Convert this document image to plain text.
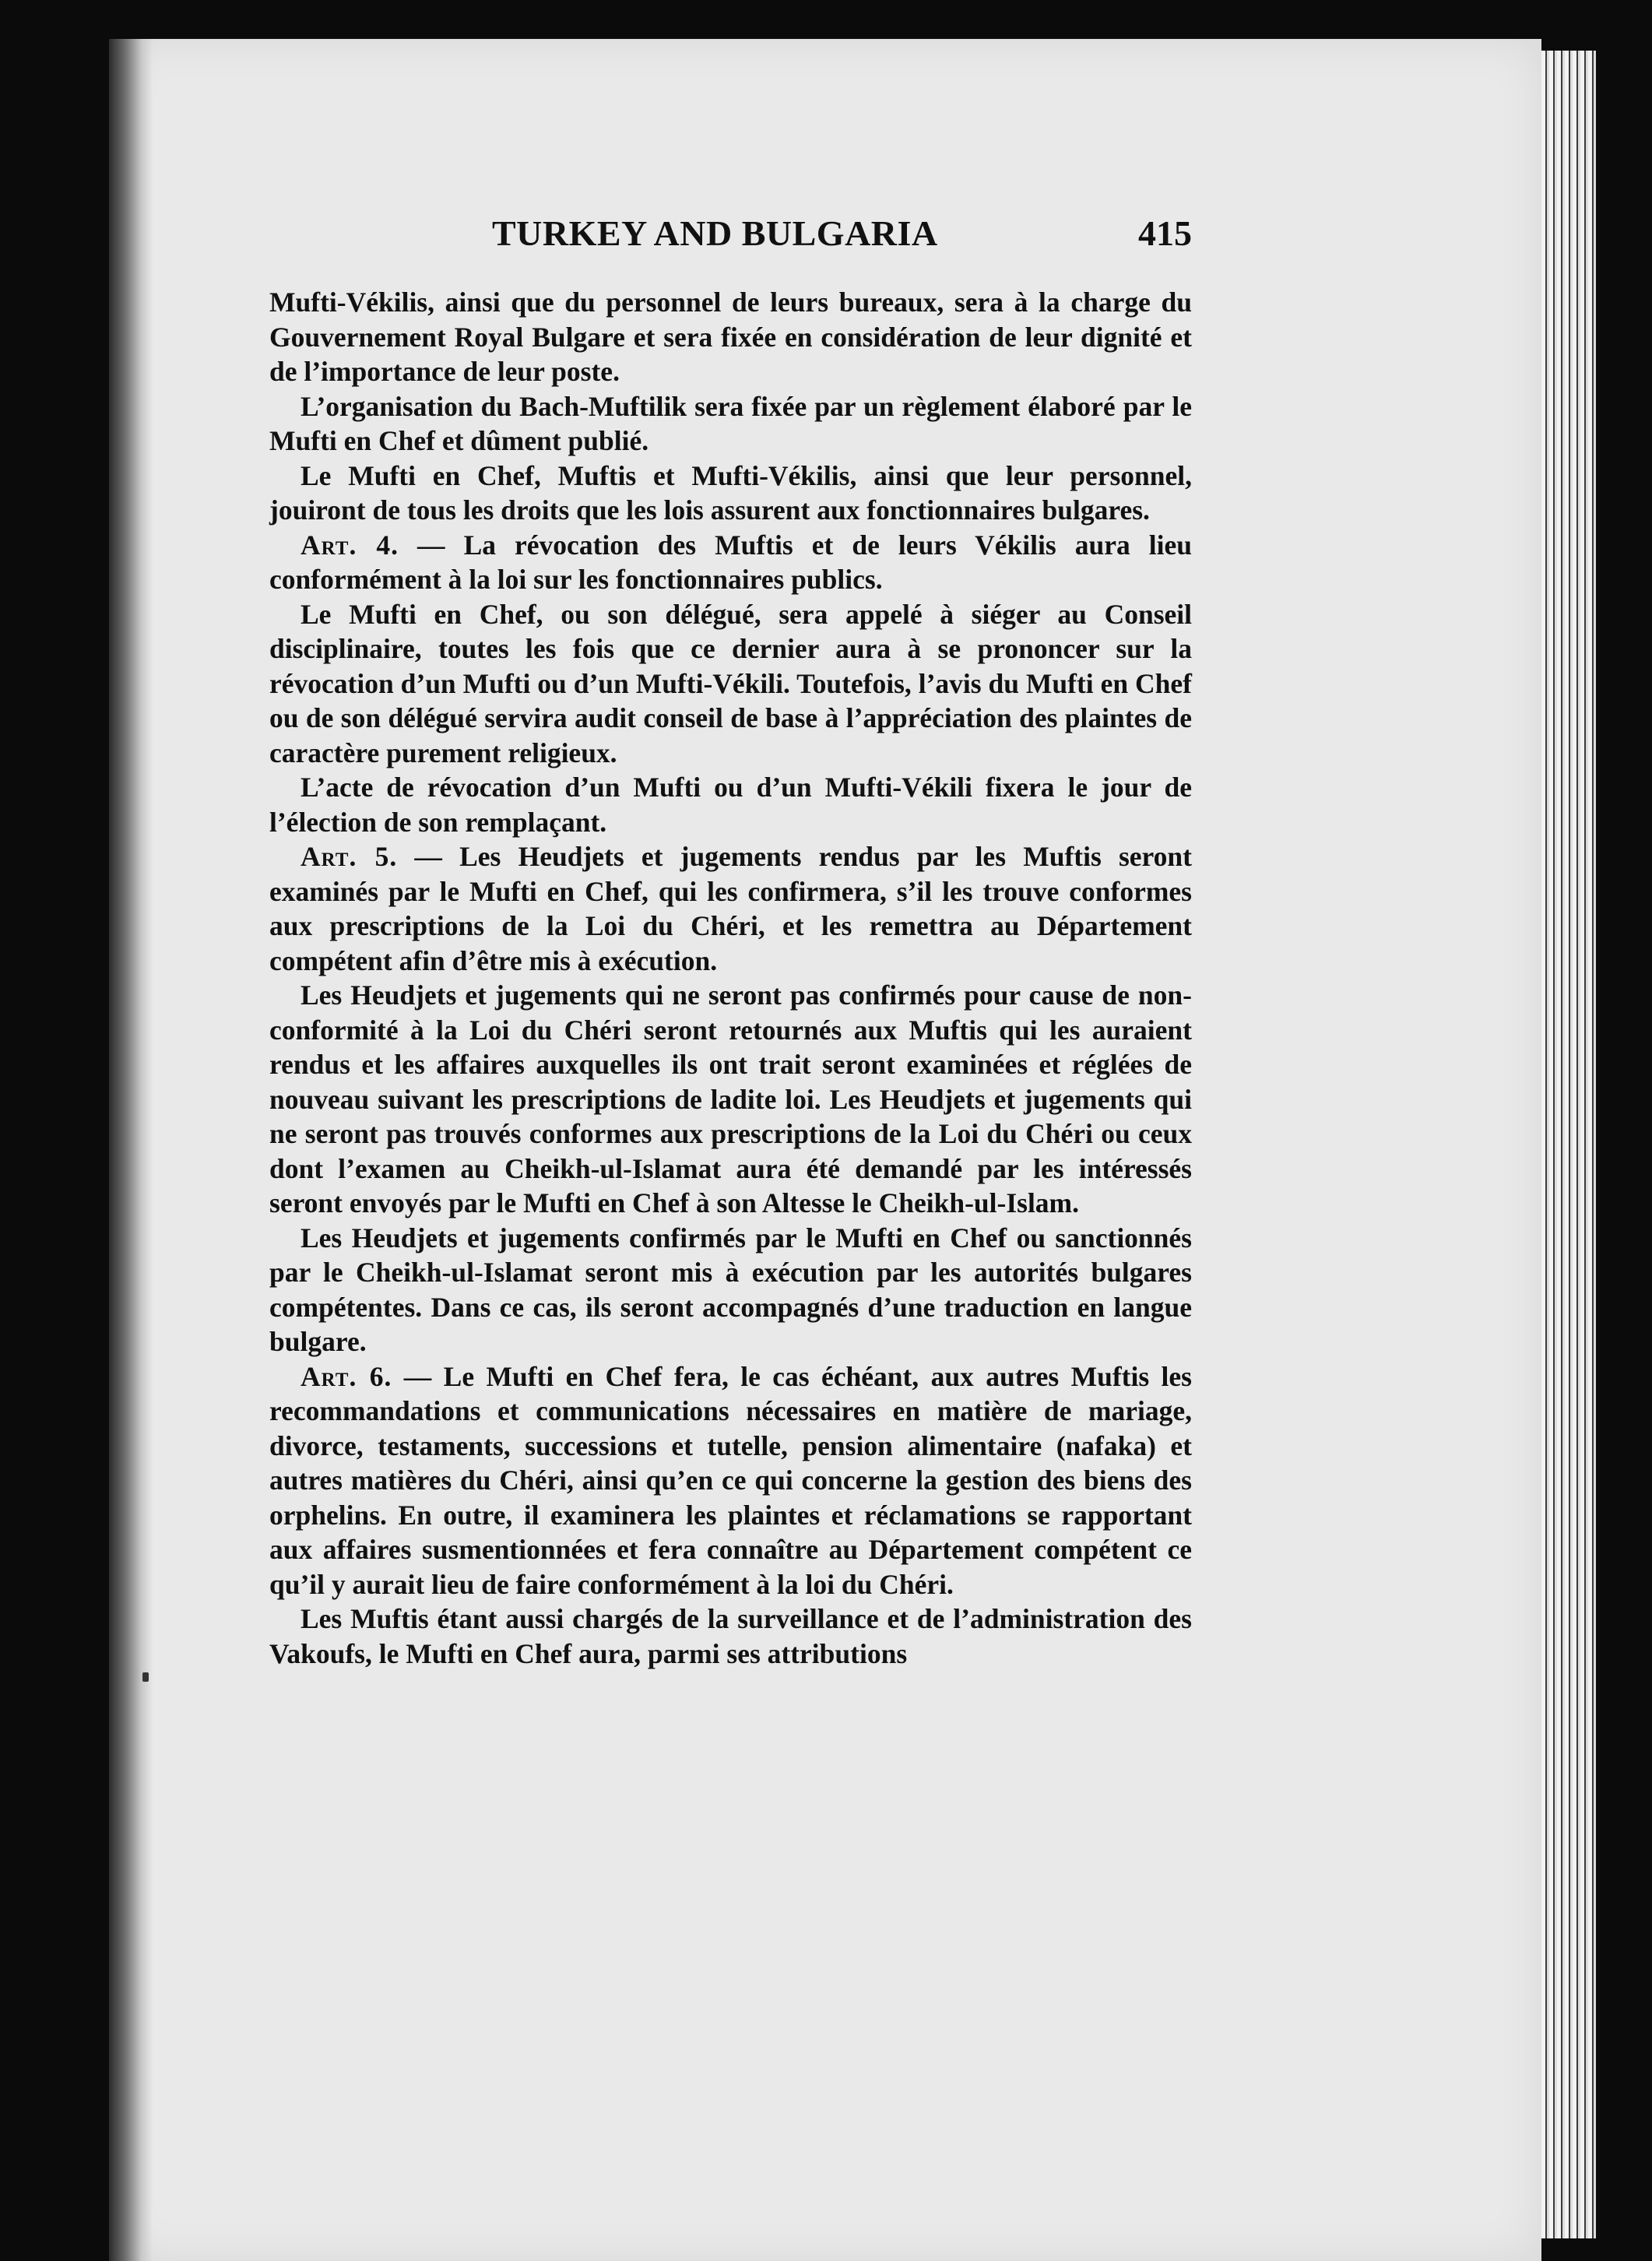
TURKEY AND BULGARIA	415

Mufti-Vékilis, ainsi que du personnel de leurs bureaux, sera à la charge du Gouvernement Royal Bulgare et sera fixée en considération de leur dignité et de l’importance de leur poste.

L’organisation du Bach-Muftilik sera fixée par un règlement élaboré par le Mufti en Chef et dûment publié.

Le Mufti en Chef, Muftis et Mufti-Vékilis, ainsi que leur personnel, jouiront de tous les droits que les lois assurent aux fonctionnaires bulgares.

Art. 4. — La révocation des Muftis et de leurs Vékilis aura lieu conformément à la loi sur les fonctionnaires publics.

Le Mufti en Chef, ou son délégué, sera appelé à siéger au Conseil disciplinaire, toutes les fois que ce dernier aura à se prononcer sur la révocation d’un Mufti ou d’un Mufti-Vékili. Toutefois, l’avis du Mufti en Chef ou de son délégué servira audit conseil de base à l’appréciation des plaintes de caractère purement religieux.

L’acte de révocation d’un Mufti ou d’un Mufti-Vékili fixera le jour de l’élection de son remplaçant.

Art. 5. — Les Heudjets et jugements rendus par les Muftis seront examinés par le Mufti en Chef, qui les confirmera, s’il les trouve conformes aux prescriptions de la Loi du Chéri, et les remettra au Département compétent afin d’être mis à exécution.

Les Heudjets et jugements qui ne seront pas confirmés pour cause de non-conformité à la Loi du Chéri seront retournés aux Muftis qui les auraient rendus et les affaires auxquelles ils ont trait seront examinées et réglées de nouveau suivant les prescriptions de ladite loi. Les Heudjets et jugements qui ne seront pas trouvés conformes aux prescriptions de la Loi du Chéri ou ceux dont l’examen au Cheikh-ul-Islamat aura été demandé par les intéressés seront envoyés par le Mufti en Chef à son Altesse le Cheikh-ul-Islam.

Les Heudjets et jugements confirmés par le Mufti en Chef ou sanctionnés par le Cheikh-ul-Islamat seront mis à exécution par les autorités bulgares compétentes. Dans ce cas, ils seront accompagnés d’une traduction en langue bulgare.

Art. 6. — Le Mufti en Chef fera, le cas échéant, aux autres Muftis les recommandations et communications nécessaires en matière de mariage, divorce, testaments, successions et tutelle, pension alimentaire (nafaka) et autres matières du Chéri, ainsi qu’en ce qui concerne la gestion des biens des orphelins. En outre, il examinera les plaintes et réclamations se rapportant aux affaires susmentionnées et fera connaître au Département compétent ce qu’il y aurait lieu de faire conformément à la loi du Chéri.

Les Muftis étant aussi chargés de la surveillance et de l’administration des Vakoufs, le Mufti en Chef aura, parmi ses attributions
